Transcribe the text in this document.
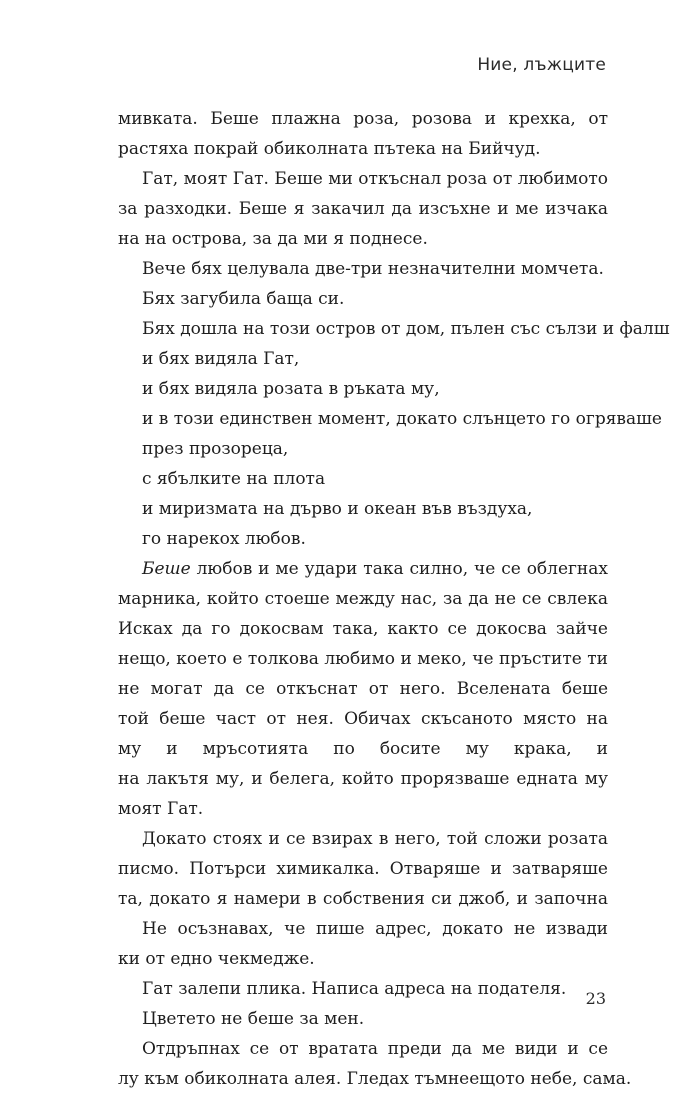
Ние, лъжците
мивката. Беше плажна роза, розова и крехка, от
растяха покрай обиколната пътека на Бийчуд.
Гат, моят Гат. Беше ми откъснал роза от любимото
за разходки. Беше я закачил да изсъхне и ме изчака
на на острова, за да ми я поднесе.
Вече бях целувала две-три незначителни момчета.
Бях загубила баща си.
Бях дошла на този остров от дом, пълен със сълзи и фалш
и бях видяла Гат,
и бях видяла розата в ръката му,
и в този единствен момент, докато слънцето го огряваше
през прозореца,
с ябълките на плота
и миризмата на дърво и океан във въздуха,
го нарекох любов.
Беше любов и ме удари така силно, че се облегнах
марника, който стоеше между нас, за да не се свлека
Исках да го докосвам така, както се докосва зайче
нещо, което е толкова любимо и меко, че пръстите ти
не могат да се откъснат от него. Вселената беше
той беше част от нея. Обичах скъсаното място на
му и мръсотията по босите му крака, и
на лакътя му, и белега, който прорязваше едната му
моят Гат.
Докато стоях и се взирах в него, той сложи розата
писмо. Потърси химикалка. Отваряше и затваряше
та, докато я намери в собствения си джоб, и започна
Не осъзнавах, че пише адрес, докато не извади
ки от едно чекмедже.
Гат залепи плика. Написа адреса на подателя.
Цветето не беше за мен.
Отдръпнах се от вратата преди да ме види и се
лу към обиколната алея. Гледах тъмнеещото небе, сама.
23
